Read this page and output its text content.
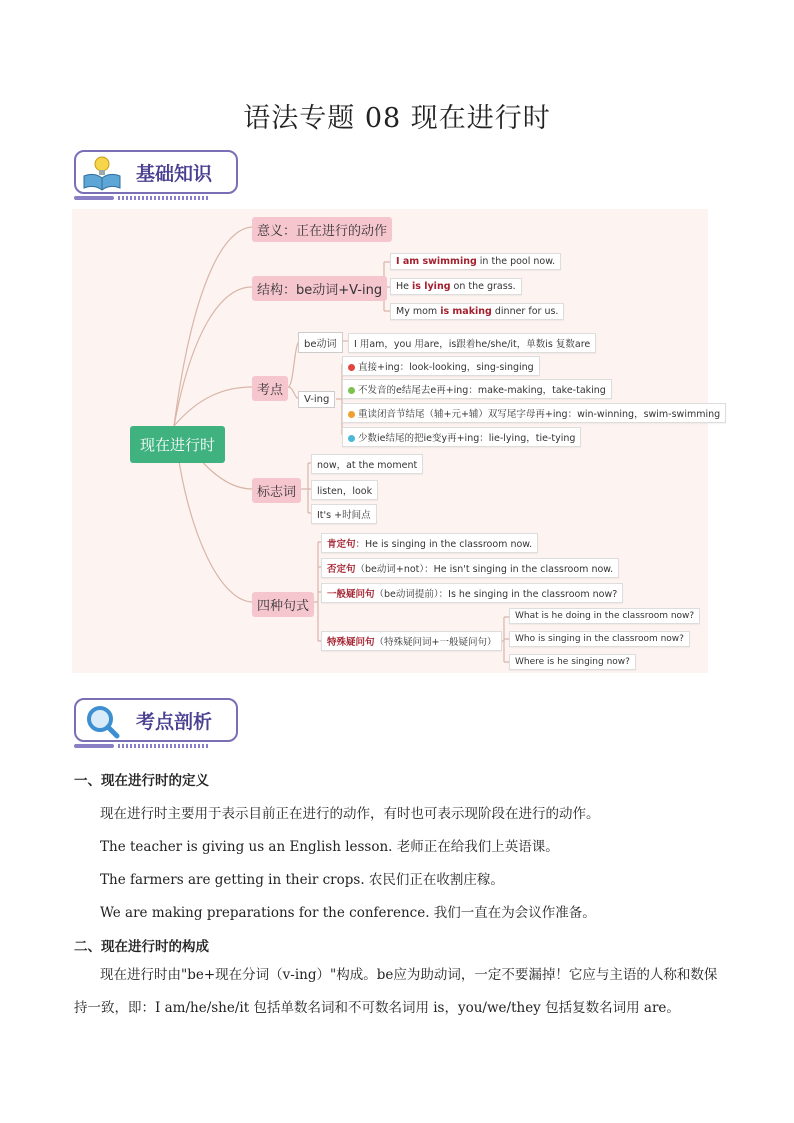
语法专题 08 现在进行时
基础知识
现在进行时
意义：正在进行的动作
结构：be动词+V-ing
I am swimming in the pool now.
He is lying on the grass.
My mom is making dinner for us.
考点
be动词	I 用am，you 用are，is跟着he/she/it，单数is 复数are
V-ing
直接+ing：look-looking，sing-singing
不发音的e结尾去e再+ing：make-making，take-taking
重读闭音节结尾（辅+元+辅）双写尾字母再+ing：win-winning，swim-swimming
少数ie结尾的把ie变y再+ing：lie-lying，tie-tying
标志词
now，at the moment
listen，look
It's +时间点
四种句式
肯定句：He is singing in the classroom now.
否定句（be动词+not）：He isn't singing in the classroom now.
一般疑问句（be动词提前）：Is he singing in the classroom now?
特殊疑问句（特殊疑问词+一般疑问句）
What is he doing in the classroom now?
Who is singing in the classroom now?
Where is he singing now?
考点剖析
一、现在进行时的定义
现在进行时主要用于表示目前正在进行的动作，有时也可表示现阶段在进行的动作。
The teacher is giving us an English lesson. 老师正在给我们上英语课。
The farmers are getting in their crops. 农民们正在收割庄稼。
We are making preparations for the conference. 我们一直在为会议作准备。
二、现在进行时的构成
现在进行时由"be+现在分词（v-ing）"构成。be应为助动词，一定不要漏掉！它应与主语的人称和数保持一致，即：I am/he/she/it 包括单数名词和不可数名词用 is，you/we/they 包括复数名词用 are。
